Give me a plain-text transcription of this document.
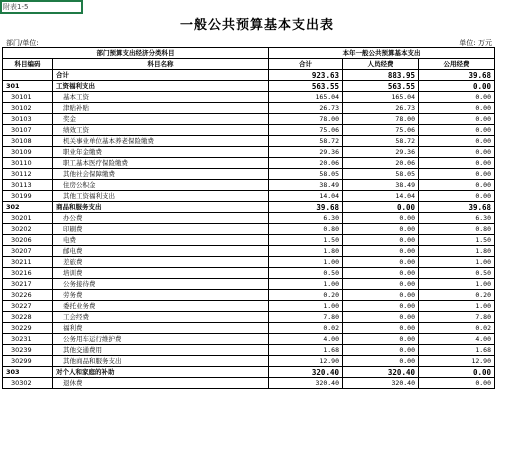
附表1-5
一般公共预算基本支出表
部门/单位:	单位: 万元
部门预算支出经济分类科目		本年一般公共预算基本支出		
科目编码	科目名称	合计	人员经费	公用经费
	合计	923.63	883.95	39.68
301	工资福利支出	563.55	563.55	0.00
30101	基本工资	165.04	165.04	0.00
30102	津贴补贴	26.73	26.73	0.00
30103	奖金	78.00	78.00	0.00
30107	绩效工资	75.06	75.06	0.00
30108	机关事业单位基本养老保险缴费	58.72	58.72	0.00
30109	职业年金缴费	29.36	29.36	0.00
30110	职工基本医疗保险缴费	20.06	20.06	0.00
30112	其他社会保障缴费	58.05	58.05	0.00
30113	住房公积金	38.49	38.49	0.00
30199	其他工资福利支出	14.04	14.04	0.00
302	商品和服务支出	39.68	0.00	39.68
30201	办公费	6.30	0.00	6.30
30202	印刷费	0.80	0.00	0.80
30206	电费	1.50	0.00	1.50
30207	邮电费	1.80	0.00	1.80
30211	差旅费	1.00	0.00	1.00
30216	培训费	0.50	0.00	0.50
30217	公务接待费	1.00	0.00	1.00
30226	劳务费	0.20	0.00	0.20
30227	委托业务费	1.00	0.00	1.00
30228	工会经费	7.80	0.00	7.80
30229	福利费	0.02	0.00	0.02
30231	公务用车运行维护费	4.00	0.00	4.00
30239	其他交通费用	1.68	0.00	1.68
30299	其他商品和服务支出	12.90	0.00	12.90
303	对个人和家庭的补助	320.40	320.40	0.00
30302	退休费	320.40	320.40	0.00
